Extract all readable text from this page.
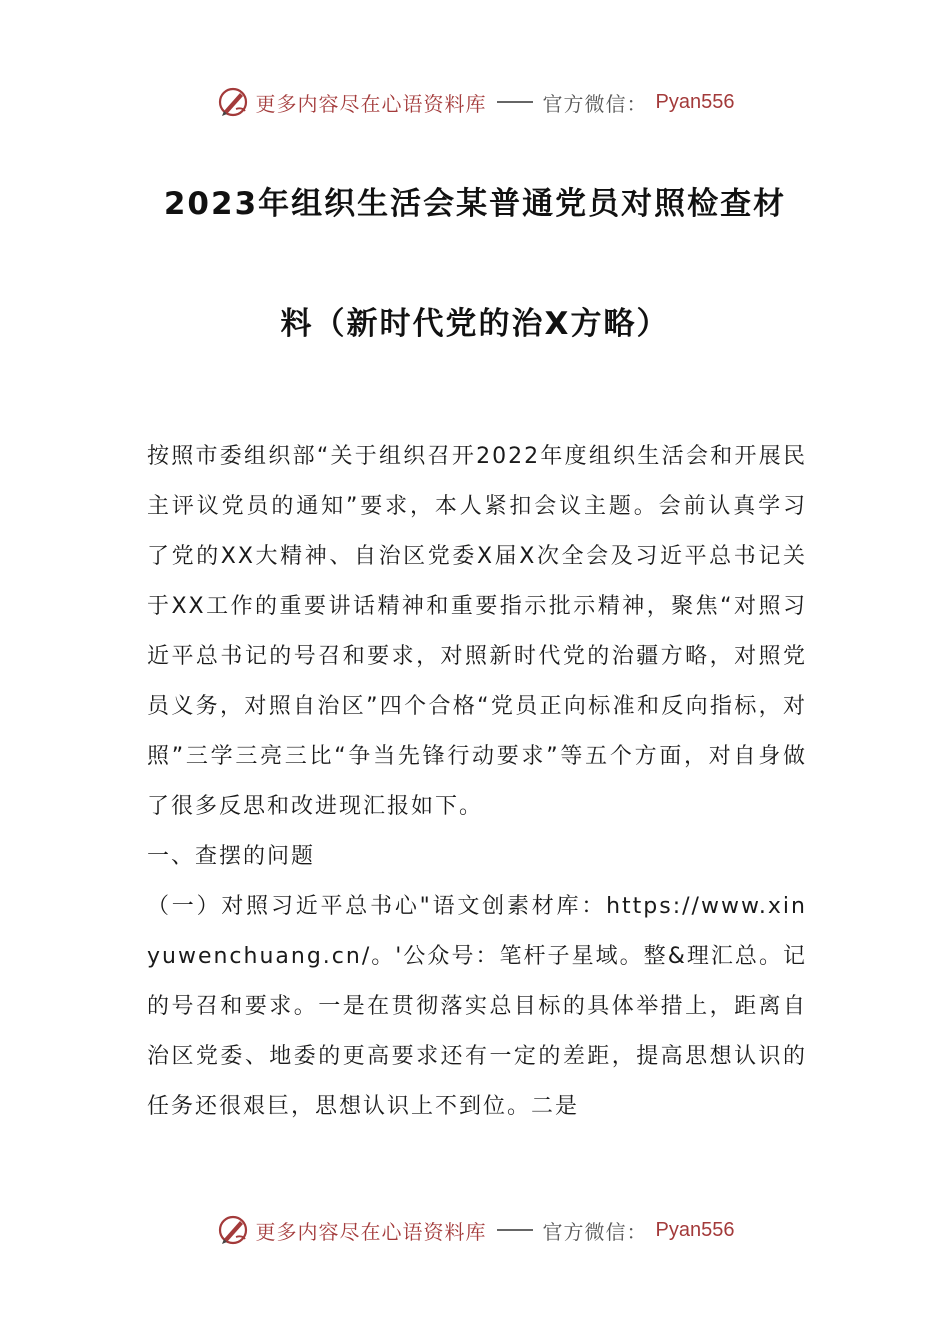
更多内容尽在心语资料库	官方微信： Pyan556
2023年组织生活会某普通党员对照检查材
料（新时代党的治X方略）

按照市委组织部“关于组织召开2022年度组织生活会和开展民主评议党员的通知”要求，本人紧扣会议主题。会前认真学习了党的XX大精神、自治区党委X届X次全会及习近平总书记关于XX工作的重要讲话精神和重要指示批示精神，聚焦“对照习近平总书记的号召和要求，对照新时代党的治疆方略，对照党员义务，对照自治区”四个合格“党员正向标准和反向指标，对照”三学三亮三比“争当先锋行动要求”等五个方面，对自身做了很多反思和改进现汇报如下。

一、查摆的问题

（一）对照习近平总书心"语文创素材库：https://www.xinyuwenchuang.cn/。'公众号：笔杆子星域。整&理汇总。记的号召和要求。一是在贯彻落实总目标的具体举措上，距离自治区党委、地委的更高要求还有一定的差距，提高思想认识的任务还很艰巨，思想认识上不到位。二是

更多内容尽在心语资料库	官方微信： Pyan556
